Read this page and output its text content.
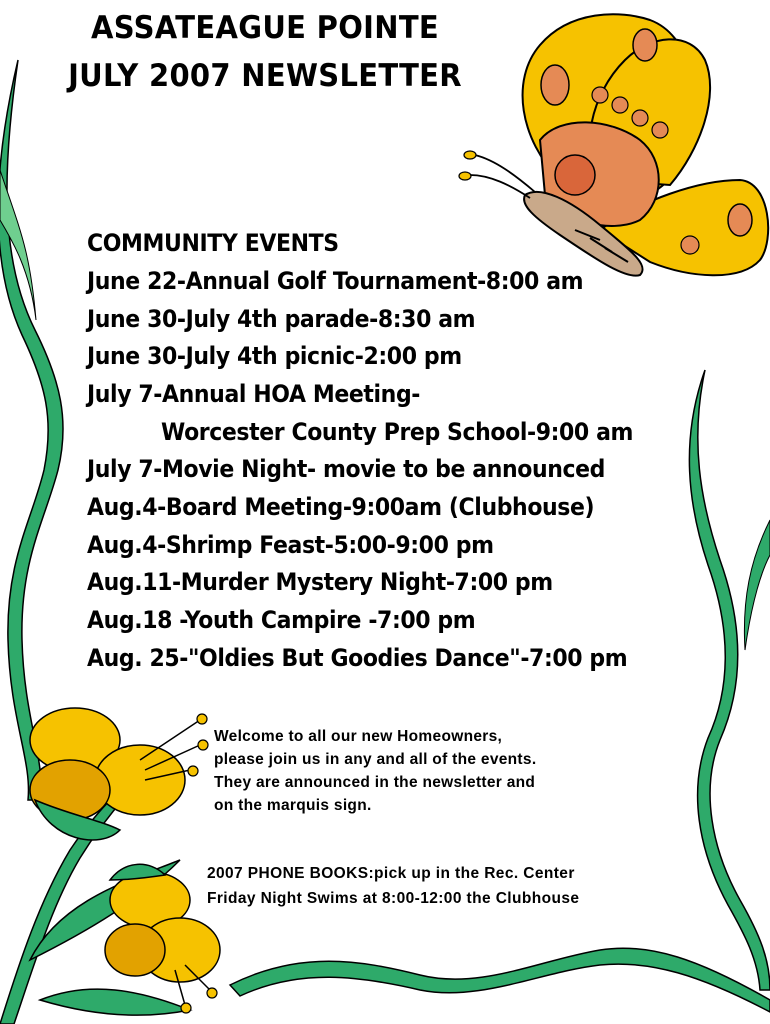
ASSATEAGUE POINTE
JULY 2007 NEWSLETTER
COMMUNITY EVENTS
June 22-Annual Golf Tournament-8:00 am
June 30-July 4th parade-8:30 am
June 30-July 4th picnic-2:00 pm
July 7-Annual HOA Meeting-
Worcester County Prep School-9:00 am
July 7-Movie Night- movie to be announced
Aug.4-Board Meeting-9:00am (Clubhouse)
Aug.4-Shrimp Feast-5:00-9:00 pm
Aug.11-Murder Mystery Night-7:00 pm
Aug.18 -Youth Campire -7:00 pm
Aug. 25-"Oldies But Goodies Dance"-7:00 pm
Welcome to all our new Homeowners,
please join us in any and all of the events.
They are announced in the newsletter and
on the marquis sign.
2007 PHONE BOOKS:pick up in the Rec. Center
Friday Night Swims at 8:00-12:00 the Clubhouse
